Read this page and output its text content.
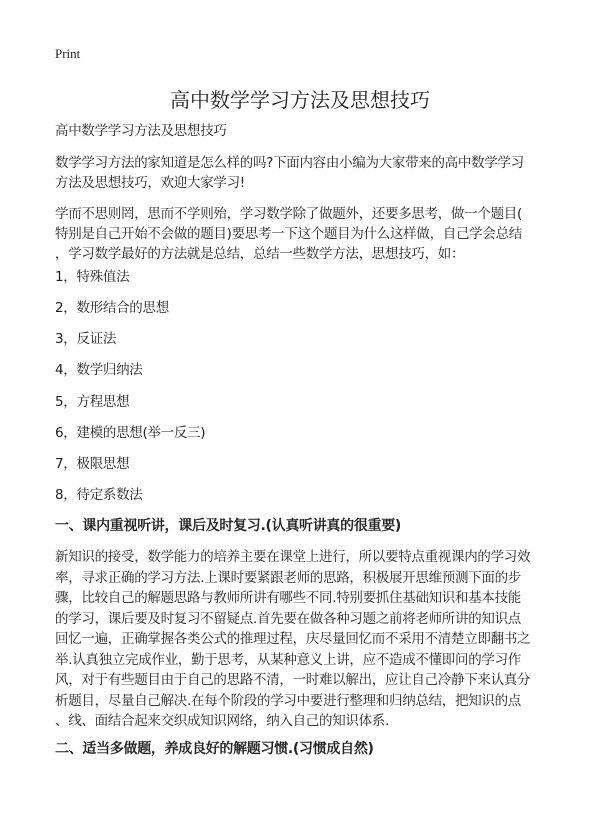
Print
高中数学学习方法及思想技巧
高中数学学习方法及思想技巧
数学学习方法的家知道是怎么样的吗?下面内容由小编为大家带来的高中数学学习
方法及思想技巧，欢迎大家学习!
学而不思则罔，思而不学则殆，学习数学除了做题外，还要多思考，做一个题目(
特别是自己开始不会做的题目)要思考一下这个题目为什么这样做，自己学会总结
，学习数学最好的方法就是总结，总结一些数学方法，思想技巧，如：
1，特殊值法
2，数形结合的思想
3，反证法
4，数学归纳法
5，方程思想
6，建模的思想(举一反三)
7，极限思想
8，待定系数法
一、课内重视听讲，课后及时复习.(认真听讲真的很重要)
新知识的接受，数学能力的培养主要在课堂上进行，所以要特点重视课内的学习效
率，寻求正确的学习方法.上课时要紧跟老师的思路，积极展开思维预测下面的步
骤，比较自己的解题思路与教师所讲有哪些不同.特别要抓住基础知识和基本技能
的学习，课后要及时复习不留疑点.首先要在做各种习题之前将老师所讲的知识点
回忆一遍，正确掌握各类公式的推理过程，庆尽量回忆而不采用不清楚立即翻书之
举.认真独立完成作业，勤于思考，从某种意义上讲，应不造成不懂即问的学习作
风，对于有些题目由于自己的思路不清，一时难以解出，应让自己冷静下来认真分
析题目，尽量自己解决.在每个阶段的学习中要进行整理和归纳总结，把知识的点
、线、面结合起来交织成知识网络，纳入自己的知识体系.
二、适当多做题，养成良好的解题习惯.(习惯成自然)
